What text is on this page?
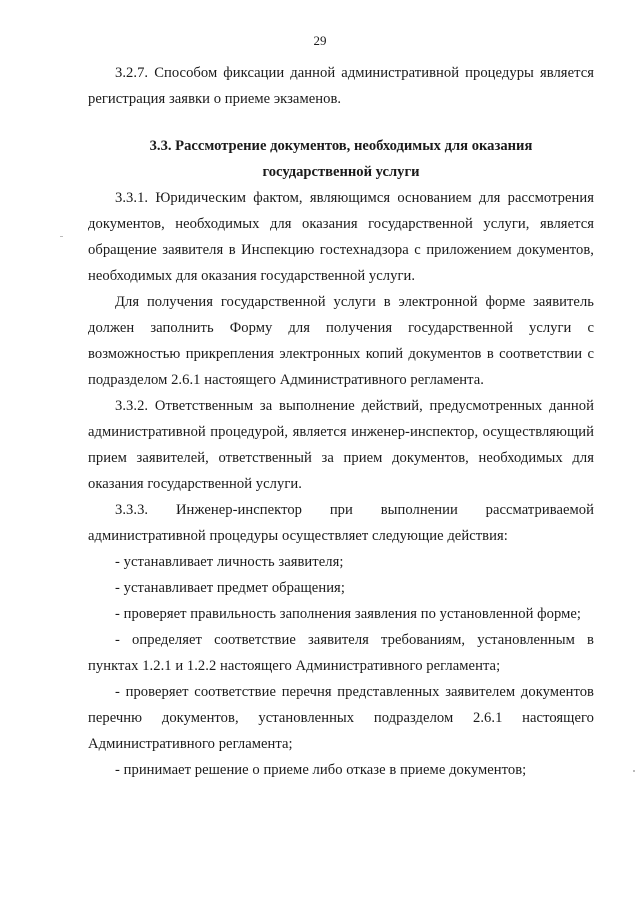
29

3.2.7. Способом фиксации данной административной процедуры является регистрация заявки о приеме экзаменов.

3.3. Рассмотрение документов, необходимых для оказания

государственной услуги

3.3.1. Юридическим фактом, являющимся основанием для рассмотрения документов, необходимых для оказания государственной услуги, является обращение заявителя в Инспекцию гостехнадзора с приложением документов, необходимых для оказания государственной услуги.

Для получения государственной услуги в электронной форме заявитель должен заполнить Форму для получения государственной услуги с возможностью прикрепления электронных копий документов в соответствии с подразделом 2.6.1 настоящего Административного регламента.

3.3.2. Ответственным за выполнение действий, предусмотренных данной административной процедурой, является инженер-инспектор, осуществляющий прием заявителей, ответственный за прием документов, необходимых для оказания государственной услуги.

3.3.3. Инженер-инспектор при выполнении рассматриваемой административной процедуры осуществляет следующие действия:

- устанавливает личность заявителя;

- устанавливает предмет обращения;

- проверяет правильность заполнения заявления по установленной форме;

- определяет соответствие заявителя требованиям, установленным в пунктах 1.2.1 и 1.2.2 настоящего Административного регламента;

- проверяет соответствие перечня представленных заявителем документов перечню документов, установленных подразделом 2.6.1 настоящего Административного регламента;

- принимает решение о приеме либо отказе в приеме документов;
